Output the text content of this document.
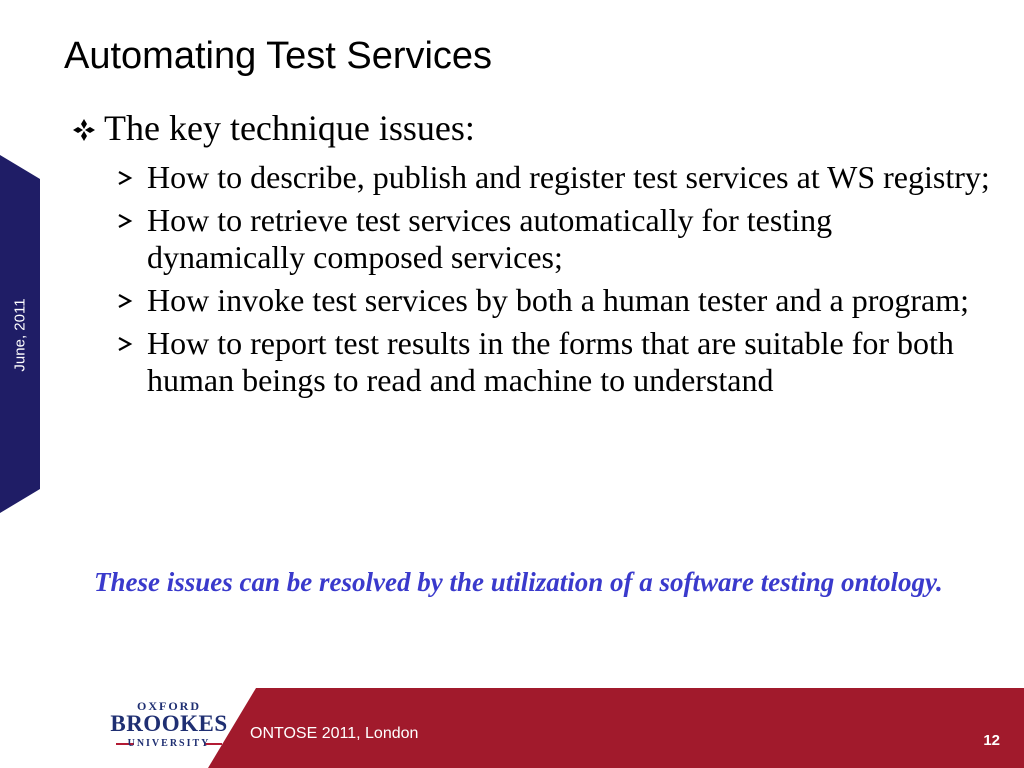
June, 2011
Automating Test Services
The key technique issues:
How to describe, publish and register test services at WS registry;
How to retrieve test services automatically for testing dynamically composed services;
How invoke test services by both a human tester and a program;
How to report test results in the forms that are suitable for both human beings to read and machine to understand

These issues can be resolved by the utilization of a software testing ontology.

OXFORD
BROOKES
UNIVERSITY
ONTOSE 2011, London	12
